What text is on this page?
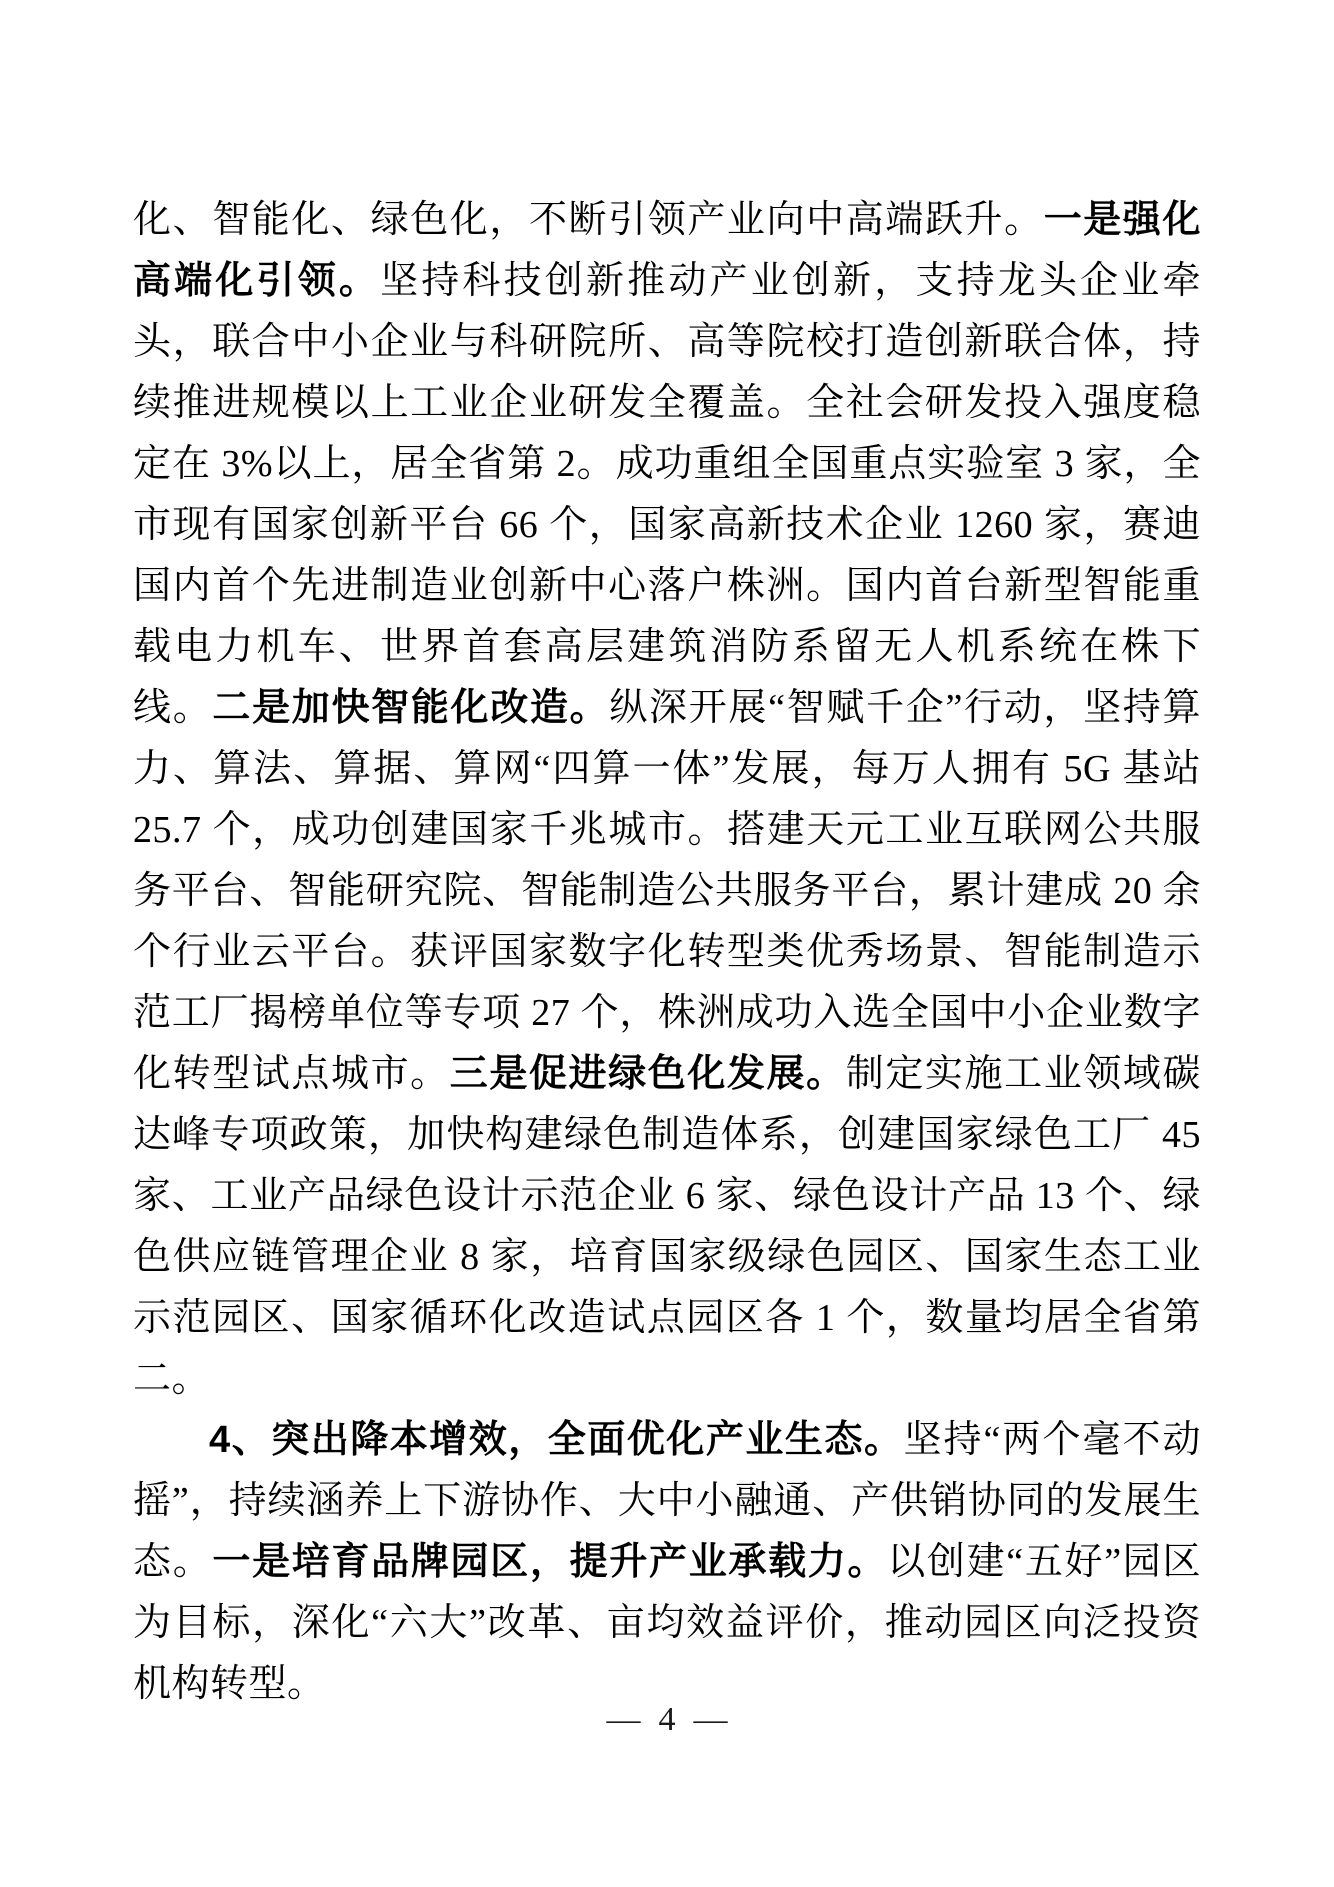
化、智能化、绿色化，不断引领产业向中高端跃升。一是强化高端化引领。坚持科技创新推动产业创新，支持龙头企业牵头，联合中小企业与科研院所、高等院校打造创新联合体，持续推进规模以上工业企业研发全覆盖。全社会研发投入强度稳定在 3%以上，居全省第 2。成功重组全国重点实验室 3 家，全市现有国家创新平台 66 个，国家高新技术企业 1260 家，赛迪国内首个先进制造业创新中心落户株洲。国内首台新型智能重载电力机车、世界首套高层建筑消防系留无人机系统在株下线。二是加快智能化改造。纵深开展“智赋千企”行动，坚持算力、算法、算据、算网“四算一体”发展，每万人拥有 5G 基站 25.7 个，成功创建国家千兆城市。搭建天元工业互联网公共服务平台、智能研究院、智能制造公共服务平台，累计建成 20 余个行业云平台。获评国家数字化转型类优秀场景、智能制造示范工厂揭榜单位等专项 27 个，株洲成功入选全国中小企业数字化转型试点城市。三是促进绿色化发展。制定实施工业领域碳达峰专项政策，加快构建绿色制造体系，创建国家绿色工厂 45 家、工业产品绿色设计示范企业 6 家、绿色设计产品 13 个、绿色供应链管理企业 8 家，培育国家级绿色园区、国家生态工业示范园区、国家循环化改造试点园区各 1 个，数量均居全省第二。

4、突出降本增效，全面优化产业生态。坚持“两个毫不动摇”，持续涵养上下游协作、大中小融通、产供销协同的发展生态。一是培育品牌园区，提升产业承载力。以创建“五好”园区为目标，深化“六大”改革、亩均效益评价，推动园区向泛投资机构转型。

— 4 —
